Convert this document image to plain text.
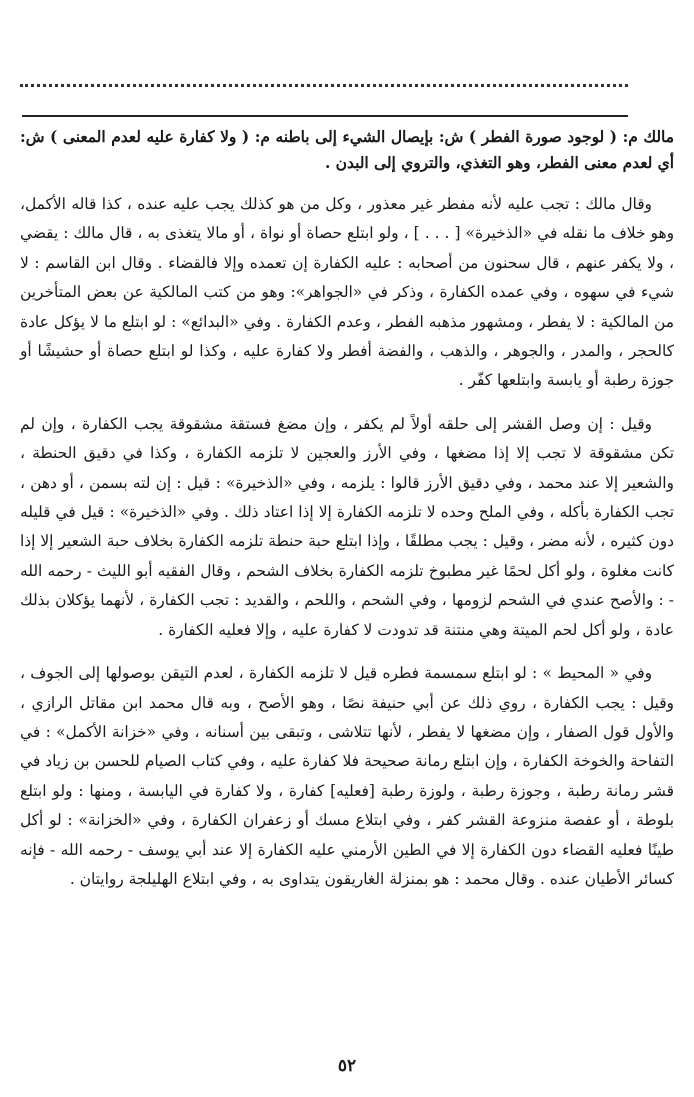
مالك م: ( لوجود صورة الفطر ) ش: بإيصال الشيء إلى باطنه م: ( ولا كفارة عليه لعدم المعنى ) ش: أي لعدم معنى الفطر، وهو التغذي، والتروي إلى البدن .

وقال مالك : تجب عليه لأنه مفطر غير معذور ، وكل من هو كذلك يجب عليه عنده ، كذا قاله الأكمل، وهو خلاف ما نقله في «الذخيرة» [ . . . ] ، ولو ابتلع حصاة أو نواة ، أو مالا يتغذى به ، قال مالك : يقضي ، ولا يكفر عنهم ، قال سحنون من أصحابه : عليه الكفارة إن تعمده وإلا فالقضاء . وقال ابن القاسم : لا شيء في سهوه ، وفي عمده الكفارة ، وذكر في «الجواهر»: وهو من كتب المالكية عن بعض المتأخرين من المالكية : لا يفطر ، ومشهور مذهبه الفطر ، وعدم الكفارة . وفي «البدائع» : لو ابتلع ما لا يؤكل عادة كالحجر ، والمدر ، والجوهر ، والذهب ، والفضة أفطر ولا كفارة عليه ، وكذا لو ابتلع حصاة أو حشيشًا أو جوزة رطبة أو يابسة وابتلعها كفّر .

وقيل : إن وصل القشر إلى حلقه أولاً لم يكفر ، وإن مضغ فستقة مشقوقة يجب الكفارة ، وإن لم تكن مشقوقة لا تجب إلا إذا مضغها ، وفي الأرز والعجين لا تلزمه الكفارة ، وكذا في دقيق الحنطة ، والشعير إلا عند محمد ، وفي دقيق الأرز قالوا : يلزمه ، وفي «الذخيرة» : قيل : إن لته بسمن ، أو دهن ، تجب الكفارة بأكله ، وفي الملح وحده لا تلزمه الكفارة إلا إذا اعتاد ذلك . وفي «الذخيرة» : قيل في قليله دون كثيره ، لأنه مضر ، وقيل : يجب مطلقًا ، وإذا ابتلع حبة حنطة تلزمه الكفارة بخلاف حبة الشعير إلا إذا كانت مغلوة ، ولو أكل لحمًا غير مطبوخ تلزمه الكفارة بخلاف الشحم ، وقال الفقيه أبو الليث - رحمه الله - : والأصح عندي في الشحم لزومها ، وفي الشحم ، واللحم ، والقديد : تجب الكفارة ، لأنهما يؤكلان بذلك عادة ، ولو أكل لحم الميتة وهي منتنة قد تدودت لا كفارة عليه ، وإلا فعليه الكفارة .

وفي « المحيط » : لو ابتلع سمسمة فطره قيل لا تلزمه الكفارة ، لعدم التيقن بوصولها إلى الجوف ، وقيل : يجب الكفارة ، روي ذلك عن أبي حنيفة نصًا ، وهو الأصح ، وبه قال محمد ابن مقاتل الرازي ، والأول قول الصفار ، وإن مضغها لا يفطر ، لأنها تتلاشى ، وتبقى بين أسنانه ، وفي «خزانة الأكمل» : في التفاحة والخوخة الكفارة ، وإن ابتلع رمانة صحيحة فلا كفارة عليه ، وفي كتاب الصيام للحسن بن زياد في قشر رمانة رطبة ، وجوزة رطبة ، ولوزة رطبة [فعليه] كفارة ، ولا كفارة في اليابسة ، ومنها : ولو ابتلع بلوطة ، أو عفصة منزوعة القشر كفر ، وفي ابتلاع مسك أو زعفران الكفارة ، وفي «الخزانة» : لو أكل طينًا فعليه القضاء دون الكفارة إلا في الطين الأرمني عليه الكفارة إلا عند أبي يوسف - رحمه الله - فإنه كسائر الأطيان عنده . وقال محمد : هو بمنزلة الغاريقون يتداوى به ، وفي ابتلاع الهليلجة روايتان .

٥٢
